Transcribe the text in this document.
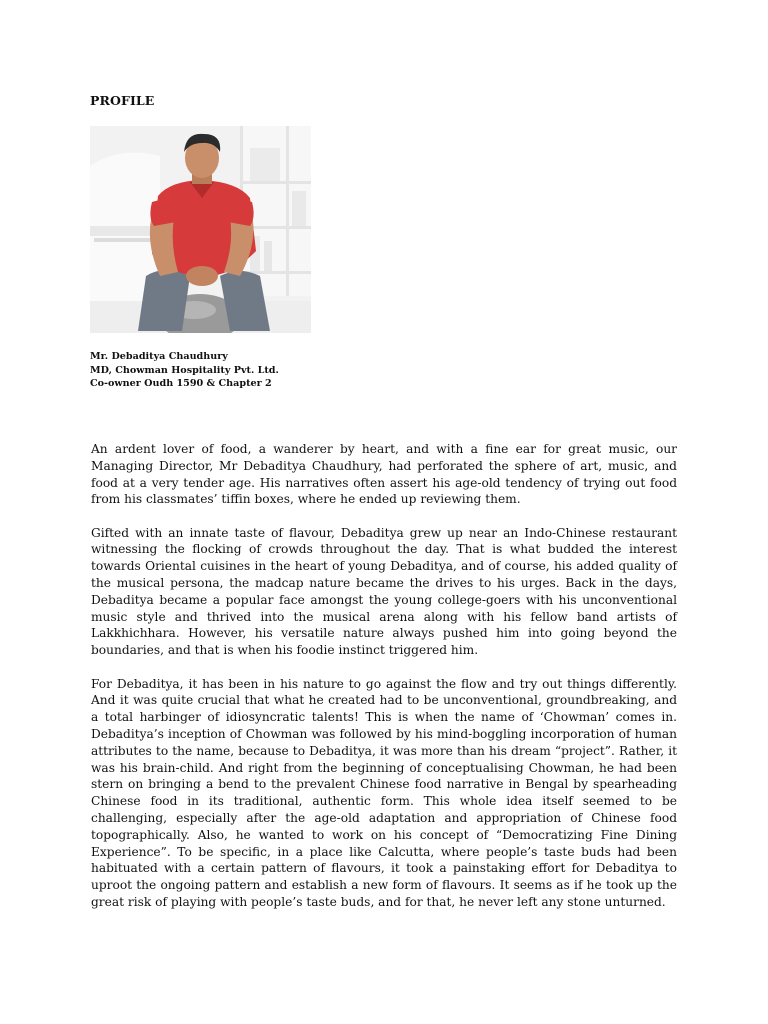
PROFILE
Mr. Debaditya Chaudhury
MD, Chowman Hospitality Pvt. Ltd.
Co-owner Oudh 1590 & Chapter 2

An ardent lover of food, a wanderer by heart, and with a fine ear for great music, our Managing Director, Mr Debaditya Chaudhury, had perforated the sphere of art, music, and food at a very tender age. His narratives often assert his age-old tendency of trying out food from his classmates’ tiffin boxes, where he ended up reviewing them.

Gifted with an innate taste of flavour, Debaditya grew up near an Indo-Chinese restaurant witnessing the flocking of crowds throughout the day. That is what budded the interest towards Oriental cuisines in the heart of young Debaditya, and of course, his added quality of the musical persona, the madcap nature became the drives to his urges. Back in the days, Debaditya became a popular face amongst the young college-goers with his unconventional music style and thrived into the musical arena along with his fellow band artists of Lakkhichhara. However, his versatile nature always pushed him into going beyond the boundaries, and that is when his foodie instinct triggered him.

For Debaditya, it has been in his nature to go against the flow and try out things differently. And it was quite crucial that what he created had to be unconventional, groundbreaking, and a total harbinger of idiosyncratic talents! This is when the name of ‘Chowman’ comes in. Debaditya’s inception of Chowman was followed by his mind-boggling incorporation of human attributes to the name, because to Debaditya, it was more than his dream “project”. Rather, it was his brain-child. And right from the beginning of conceptualising Chowman, he had been stern on bringing a bend to the prevalent Chinese food narrative in Bengal by spearheading Chinese food in its traditional, authentic form. This whole idea itself seemed to be challenging, especially after the age-old adaptation and appropriation of Chinese food topographically. Also, he wanted to work on his concept of “Democratizing Fine Dining Experience”. To be specific, in a place like Calcutta, where people’s taste buds had been habituated with a certain pattern of flavours, it took a painstaking effort for Debaditya to uproot the ongoing pattern and establish a new form of flavours. It seems as if he took up the great risk of playing with people’s taste buds, and for that, he never left any stone unturned.
